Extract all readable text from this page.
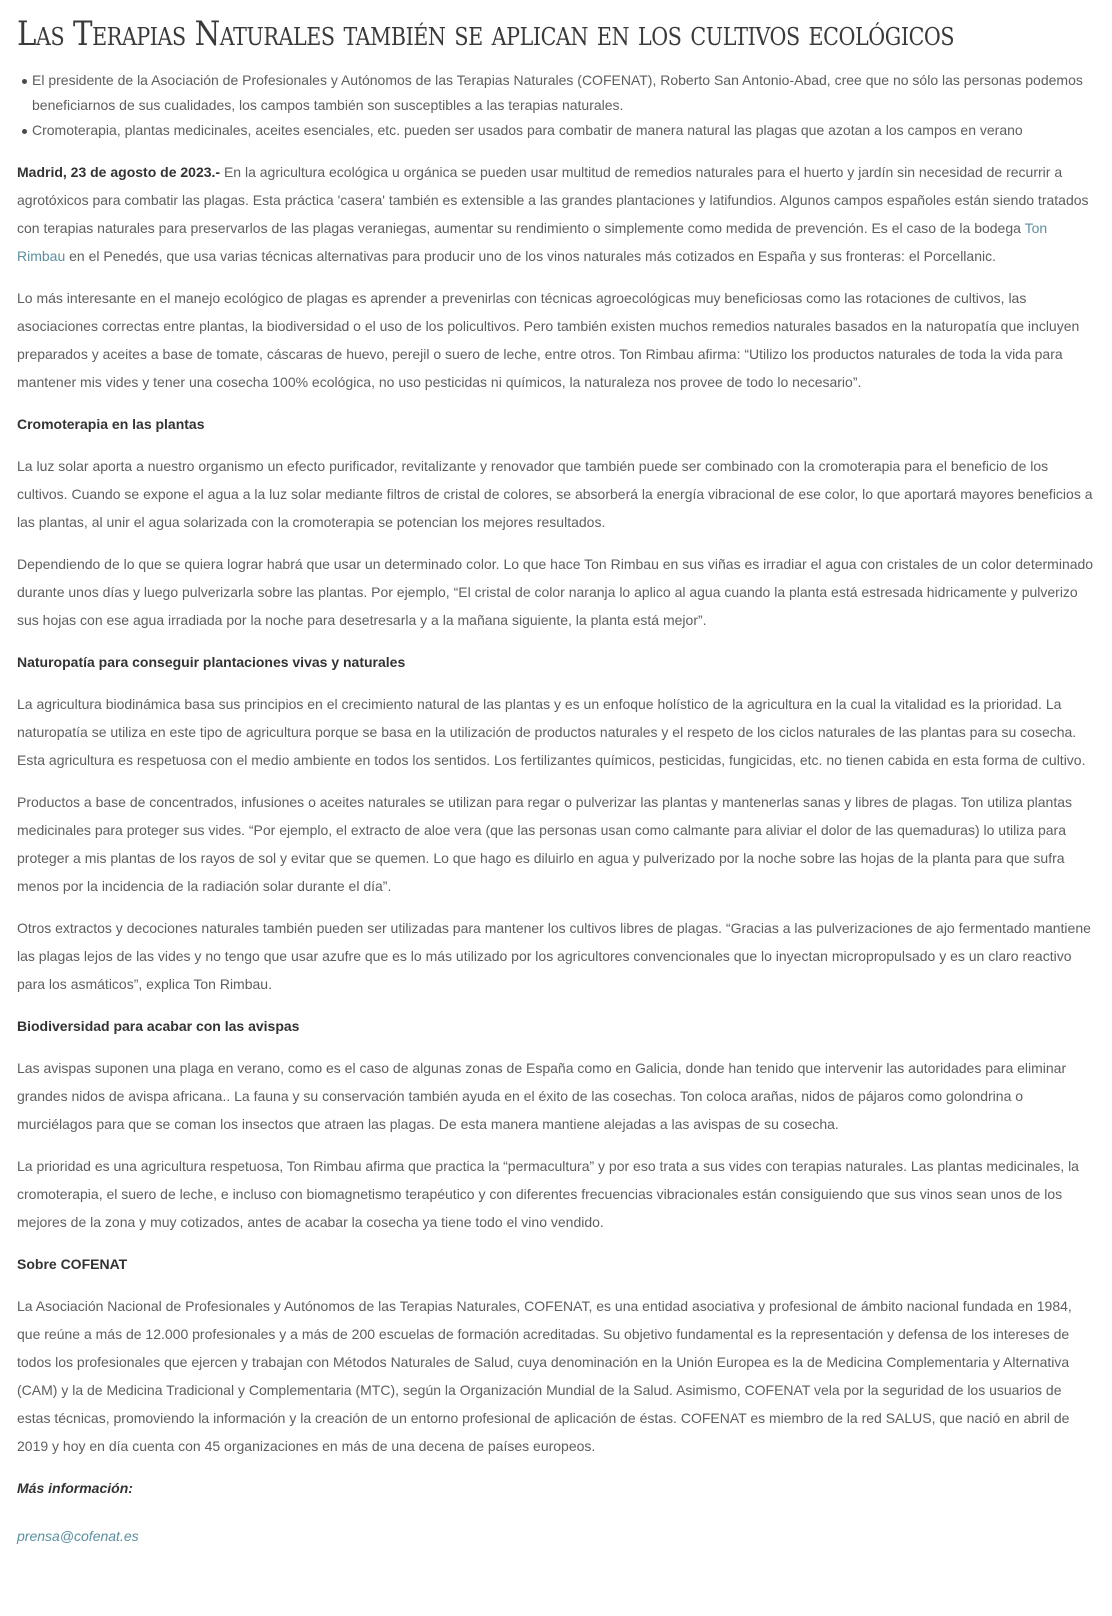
Las Terapias Naturales también se aplican en los cultivos ecológicos
El presidente de la Asociación de Profesionales y Autónomos de las Terapias Naturales (COFENAT), Roberto San Antonio-Abad, cree que no sólo las personas podemos beneficiarnos de sus cualidades, los campos también son susceptibles a las terapias naturales.
Cromoterapia, plantas medicinales, aceites esenciales, etc. pueden ser usados para combatir de manera natural las plagas que azotan a los campos en verano

Madrid, 23 de agosto de 2023.- En la agricultura ecológica u orgánica se pueden usar multitud de remedios naturales para el huerto y jardín sin necesidad de recurrir a agrotóxicos para combatir las plagas. Esta práctica 'casera' también es extensible a las grandes plantaciones y latifundios. Algunos campos españoles están siendo tratados con terapias naturales para preservarlos de las plagas veraniegas, aumentar su rendimiento o simplemente como medida de prevención. Es el caso de la bodega Ton Rimbau en el Penedés, que usa varias técnicas alternativas para producir uno de los vinos naturales más cotizados en España y sus fronteras: el Porcellanic.

Lo más interesante en el manejo ecológico de plagas es aprender a prevenirlas con técnicas agroecológicas muy beneficiosas como las rotaciones de cultivos, las asociaciones correctas entre plantas, la biodiversidad o el uso de los policultivos. Pero también existen muchos remedios naturales basados en la naturopatía que incluyen preparados y aceites a base de tomate, cáscaras de huevo, perejil o suero de leche, entre otros. Ton Rimbau afirma: “Utilizo los productos naturales de toda la vida para mantener mis vides y tener una cosecha 100% ecológica, no uso pesticidas ni químicos, la naturaleza nos provee de todo lo necesario”.

Cromoterapia en las plantas

La luz solar aporta a nuestro organismo un efecto purificador, revitalizante y renovador que también puede ser combinado con la cromoterapia para el beneficio de los cultivos. Cuando se expone el agua a la luz solar mediante filtros de cristal de colores, se absorberá la energía vibracional de ese color, lo que aportará mayores beneficios a las plantas, al unir el agua solarizada con la cromoterapia se potencian los mejores resultados.

Dependiendo de lo que se quiera lograr habrá que usar un determinado color. Lo que hace Ton Rimbau en sus viñas es irradiar el agua con cristales de un color determinado durante unos días y luego pulverizarla sobre las plantas. Por ejemplo, “El cristal de color naranja lo aplico al agua cuando la planta está estresada hidricamente y pulverizo sus hojas con ese agua irradiada por la noche para desetresarla y a la mañana siguiente, la planta está mejor”.

Naturopatía para conseguir plantaciones vivas y naturales

La agricultura biodinámica basa sus principios en el crecimiento natural de las plantas y es un enfoque holístico de la agricultura en la cual la vitalidad es la prioridad. La naturopatía se utiliza en este tipo de agricultura porque se basa en la utilización de productos naturales y el respeto de los ciclos naturales de las plantas para su cosecha. Esta agricultura es respetuosa con el medio ambiente en todos los sentidos. Los fertilizantes químicos, pesticidas, fungicidas, etc. no tienen cabida en esta forma de cultivo.

Productos a base de concentrados, infusiones o aceites naturales se utilizan para regar o pulverizar las plantas y mantenerlas sanas y libres de plagas. Ton utiliza plantas medicinales para proteger sus vides. “Por ejemplo, el extracto de aloe vera (que las personas usan como calmante para aliviar el dolor de las quemaduras) lo utiliza para proteger a mis plantas de los rayos de sol y evitar que se quemen. Lo que hago es diluirlo en agua y pulverizado por la noche sobre las hojas de la planta para que sufra menos por la incidencia de la radiación solar durante el día”.

Otros extractos y decociones naturales también pueden ser utilizadas para mantener los cultivos libres de plagas. “Gracias a las pulverizaciones de ajo fermentado mantiene las plagas lejos de las vides y no tengo que usar azufre que es lo más utilizado por los agricultores convencionales que lo inyectan micropropulsado y es un claro reactivo para los asmáticos”, explica Ton Rimbau.

Biodiversidad para acabar con las avispas

Las avispas suponen una plaga en verano, como es el caso de algunas zonas de España como en Galicia, donde han tenido que intervenir las autoridades para eliminar grandes nidos de avispa africana.. La fauna y su conservación también ayuda en el éxito de las cosechas. Ton coloca arañas, nidos de pájaros como golondrina o murciélagos para que se coman los insectos que atraen las plagas. De esta manera mantiene alejadas a las avispas de su cosecha.

La prioridad es una agricultura respetuosa, Ton Rimbau afirma que practica la “permacultura” y por eso trata a sus vides con terapias naturales. Las plantas medicinales, la cromoterapia, el suero de leche, e incluso con biomagnetismo terapéutico y con diferentes frecuencias vibracionales están consiguiendo que sus vinos sean unos de los mejores de la zona y muy cotizados, antes de acabar la cosecha ya tiene todo el vino vendido.

Sobre COFENAT

La Asociación Nacional de Profesionales y Autónomos de las Terapias Naturales, COFENAT, es una entidad asociativa y profesional de ámbito nacional fundada en 1984, que reúne a más de 12.000 profesionales y a más de 200 escuelas de formación acreditadas. Su objetivo fundamental es la representación y defensa de los intereses de todos los profesionales que ejercen y trabajan con Métodos Naturales de Salud, cuya denominación en la Unión Europea es la de Medicina Complementaria y Alternativa (CAM) y la de Medicina Tradicional y Complementaria (MTC), según la Organización Mundial de la Salud. Asimismo, COFENAT vela por la seguridad de los usuarios de estas técnicas, promoviendo la información y la creación de un entorno profesional de aplicación de éstas. COFENAT es miembro de la red SALUS, que nació en abril de 2019 y hoy en día cuenta con 45 organizaciones en más de una decena de países europeos.

Más información:

prensa@cofenat.es
